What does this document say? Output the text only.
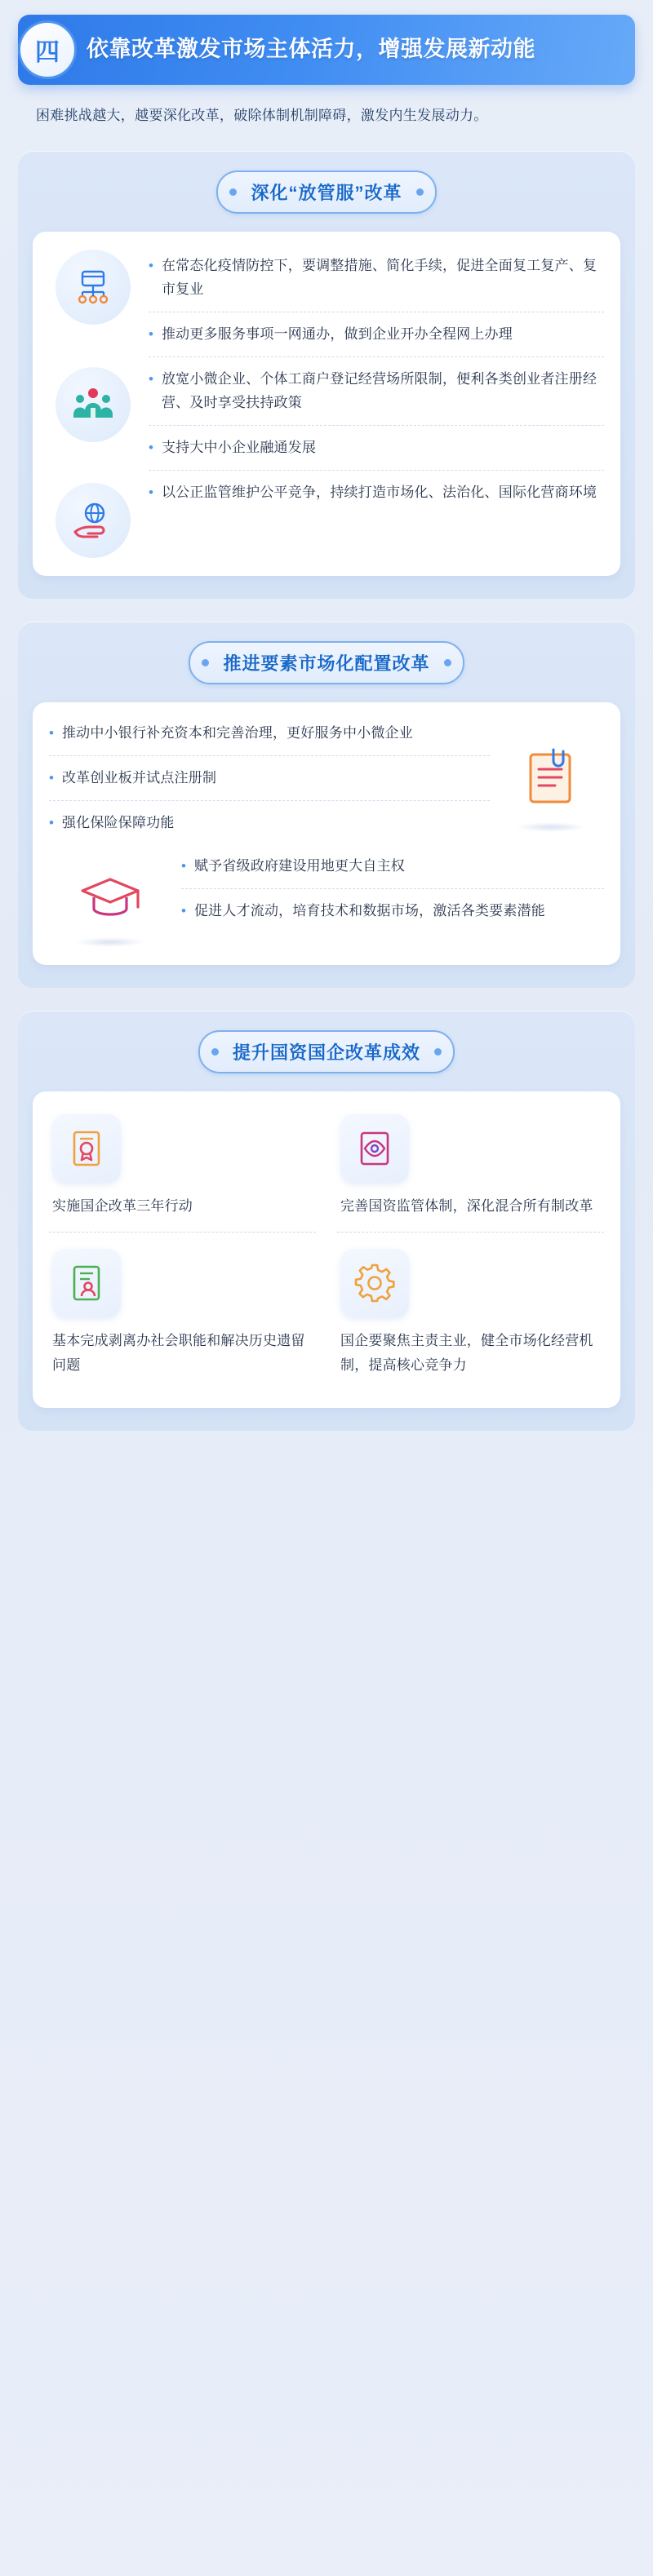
依靠改革激发市场主体活力，增强发展新动能
四
困难挑战越大，越要深化改革，破除体制机制障碍，激发内生发展动力。
深化“放管服”改革
• 在常态化疫情防控下，要调整措施、简化手续，促进全面复工复产、复市复业
• 推动更多服务事项一网通办，做到企业开办全程网上办理
• 放宽小微企业、个体工商户登记经营场所限制，便利各类创业者注册经营、及时享受扶持政策
• 支持大中小企业融通发展
• 以公正监管维护公平竞争，持续打造市场化、法治化、国际化营商环境
推进要素市场化配置改革
• 推动中小银行补充资本和完善治理，更好服务中小微企业
• 改革创业板并试点注册制
• 强化保险保障功能
• 赋予省级政府建设用地更大自主权
• 促进人才流动，培育技术和数据市场，激活各类要素潜能
提升国资国企改革成效
实施国企改革三年行动	完善国资监管体制，深化混合所有制改革
基本完成剥离办社会职能和解决历史遗留问题
国企要聚焦主责主业，健全市场化经营机制，提高核心竞争力
